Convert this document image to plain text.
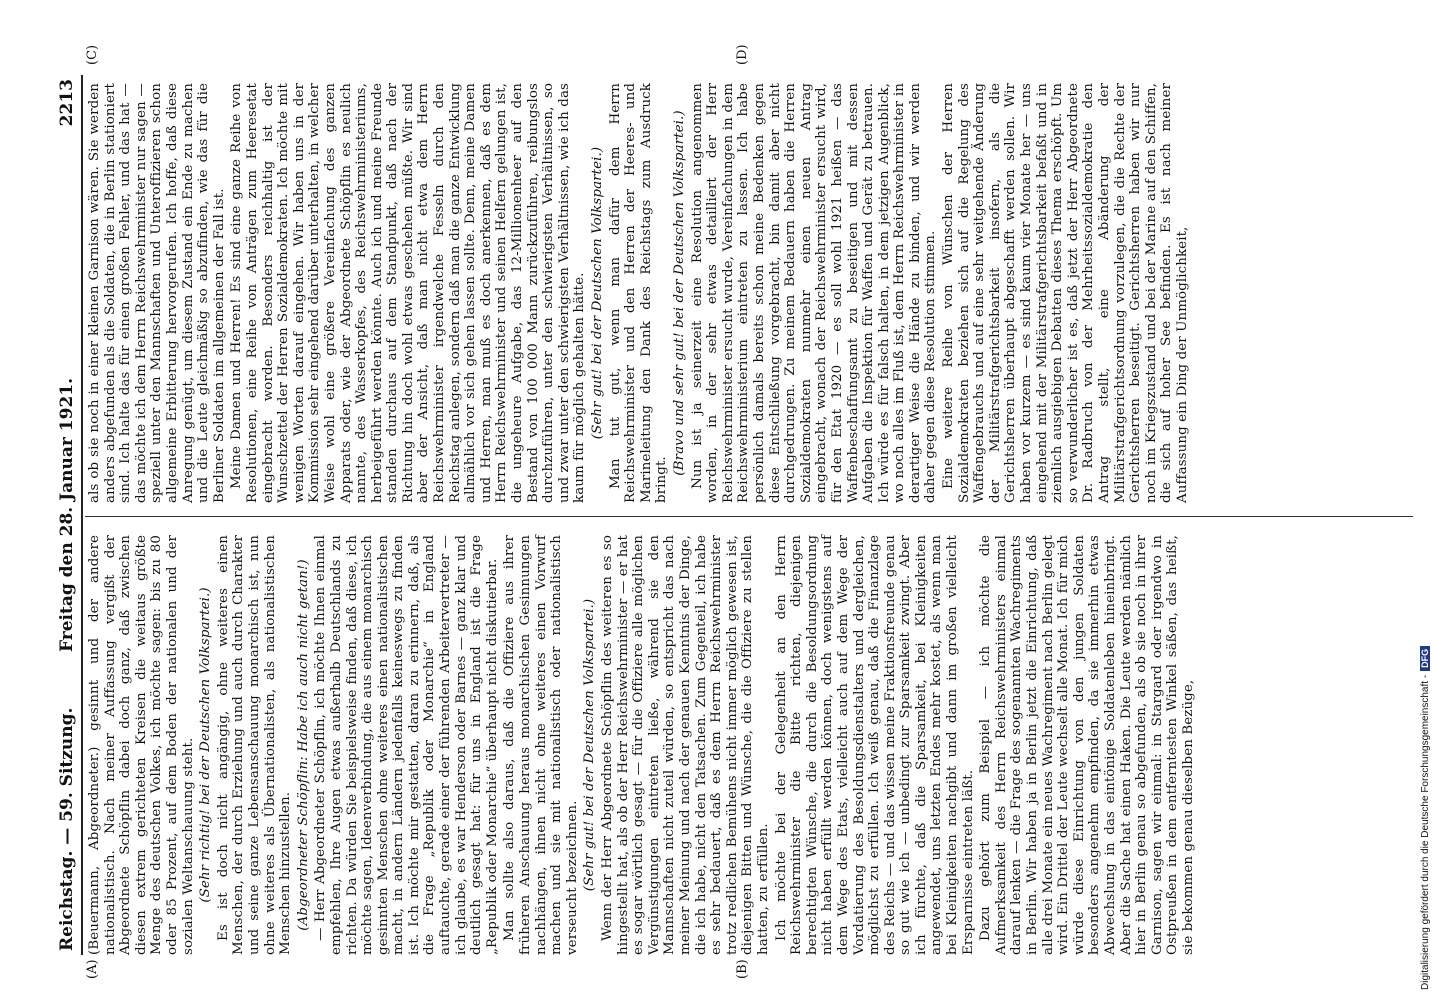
Reichstag. — 59. Sitzung.
Freitag den 28. Januar 1921.
2213
(A)	(B)
(C)	(D)

(Beuermann, Abgeordneter.) gesinnt und der andere nationalistisch. Nach meiner Auffassung vergißt der Abgeordnete Schöpflin dabei doch ganz, daß zwischen diesen extrem gerichteten Kreisen die weitaus größte Menge des deutschen Volkes, ich möchte sagen: bis zu 80 oder 85 Prozent, auf dem Boden der nationalen und der sozialen Weltanschauung steht. (Sehr richtig! bei der Deutschen Volkspartei.) Es ist doch nicht angängig, ohne weiteres einen Menschen, der durch Erziehung und auch durch Charakter und seine ganze Lebensanschauung monarchisch ist, nun ohne weiteres als Übernationalisten, als nationalistischen Menschen hinzustellen. (Abgeordneter Schöpflin: Habe ich auch nicht getan!) — Herr Abgeordneter Schöpflin, ich möchte Ihnen einmal empfehlen, Ihre Augen etwas außerhalb Deutschlands zu richten. Da würden Sie beispielsweise finden, daß diese, ich möchte sagen, Ideenverbindung, die aus einem monarchisch gesinnten Menschen ohne weiteres einen nationalistischen macht, in andern Ländern jedenfalls keineswegs zu finden ist. Ich möchte mir gestatten, daran zu erinnern, daß, als die Frage „Republik oder Monarchie“ in England auftauchte, gerade einer der führenden Arbeitervertreter — ich glaube, es war Henderson oder Barnes — ganz klar und deutlich gesagt hat: für uns in England ist die Frage „Republik oder Monarchie“ überhaupt nicht diskutierbar. Man sollte also daraus, daß die Offiziere aus ihrer früheren Anschauung heraus monarchischen Gesinnungen nachhängen, ihnen nicht ohne weiteres einen Vorwurf machen und sie mit nationalistisch oder nationalistisch verseucht bezeichnen. (Sehr gut! bei der Deutschen Volkspartei.) Wenn der Herr Abgeordnete Schöpflin des weiteren es so hingestellt hat, als ob der Herr Reichswehrminister — er hat es sogar wörtlich gesagt — für die Offiziere alle möglichen Vergünstigungen eintreten ließe, während sie den Mannschaften nicht zuteil würden, so entspricht das nach meiner Meinung und nach der genauen Kenntnis der Dinge, die ich habe, nicht den Tatsachen. Zum Gegenteil, ich habe es sehr bedauert, daß es dem Herrn Reichswehrminister trotz redlichen Bemühens nicht immer möglich gewesen ist, diejenigen Bitten und Wünsche, die die Offiziere zu stellen hatten, zu erfüllen. Ich möchte bei der Gelegenheit an den Herrn Reichswehrminister die Bitte richten, diejenigen berechtigten Wünsche, die durch die Besoldungsordnung nicht haben erfüllt werden können, doch wenigstens auf dem Wege des Etats, vielleicht auch auf dem Wege der Vordatierung des Besoldungsdienstalters und dergleichen, möglichst zu erfüllen. Ich weiß genau, daß die Finanzlage des Reichs — und das wissen meine Fraktionsfreunde genau so gut wie ich — unbedingt zur Sparsamkeit zwingt. Aber ich fürchte, daß die Sparsamkeit, bei Kleinigkeiten angewendet, uns letzten Endes mehr kostet, als wenn man bei Kleinigkeiten nachgibt und dann im großen vielleicht Ersparnisse eintreten läßt. Dazu gehört zum Beispiel — ich möchte die Aufmerksamkeit des Herrn Reichswehrministers einmal darauf lenken — die Frage des sogenannten Wachregiments in Berlin. Wir haben ja in Berlin jetzt die Einrichtung, daß alle drei Monate ein neues Wachregiment nach Berlin gelegt wird. Ein Drittel der Leute wechselt alle Monat. Ich für mich würde diese Einrichtung von den jungen Soldaten besonders angenehm empfinden, da sie immerhin etwas Abwechslung in das eintönige Soldatenleben hineinbringt. Aber die Sache hat einen Haken. Die Leute werden nämlich hier in Berlin genau so abgefunden, als ob sie noch in ihrer Garnison, sagen wir einmal: in Stargard oder irgendwo in Ostpreußen in dem entferntesten Winkel säßen, das heißt, sie bekommen genau dieselben Bezüge,

als ob sie noch in einer kleinen Garnison wären. Sie werden anders abgefunden als die Soldaten, die in Berlin stationiert sind. Ich halte das für einen großen Fehler, und das hat — das möchte ich dem Herrn Reichswehrminister nur sagen — speziell unter den Mannschaften und Unteroffizieren schon allgemeine Erbitterung hervorgerufen. Ich hoffe, daß diese Anregung genügt, um diesem Zustand ein Ende zu machen und die Leute gleichmäßig so abzufinden, wie das für die Berliner Soldaten im allgemeinen der Fall ist. Meine Damen und Herren! Es sind eine ganze Reihe von Resolutionen, eine Reihe von Anträgen zum Heeresetat eingebracht worden. Besonders reichhaltig ist der Wunschzettel der Herren Sozialdemokraten. Ich möchte mit wenigen Worten darauf eingehen. Wir haben uns in der Kommission sehr eingehend darüber unterhalten, in welcher Weise wohl eine größere Vereinfachung des ganzen Apparats oder, wie der Abgeordnete Schöpflin es neulich nannte, des Wasserkopfes, des Reichswehrministeriums, herbeigeführt werden könnte. Auch ich und meine Freunde standen durchaus auf dem Standpunkt, daß nach der Richtung hin doch wohl etwas geschehen müßte. Wir sind aber der Ansicht, daß man nicht etwa dem Herrn Reichswehrminister irgendwelche Fesseln durch den Reichstag anlegen, sondern daß man die ganze Entwicklung allmählich vor sich gehen lassen sollte. Denn, meine Damen und Herren, man muß es doch anerkennen, daß es dem Herrn Reichswehrminister und seinen Helfern gelungen ist, die ungeheure Aufgabe, das 12-Millionenheer auf den Bestand von 100 000 Mann zurückzuführen, reibungslos durchzuführen, unter den schwierigsten Verhältnissen, so und zwar unter den schwierigsten Verhältnissen, wie ich das kaum für möglich gehalten hätte. (Sehr gut! bei der Deutschen Volkspartei.) Man tut gut, wenn man dafür dem Herrn Reichswehrminister und den Herren der Heeres- und Marineleitung den Dank des Reichstags zum Ausdruck bringt.

(Bravo und sehr gut! bei der Deutschen Volkspartei.) Nun ist ja seinerzeit eine Resolution angenommen worden, in der sehr etwas detailliert der Herr Reichswehrminister ersucht wurde, Vereinfachungen in dem Reichswehrministerium eintreten zu lassen. Ich habe persönlich damals bereits schon meine Bedenken gegen diese Entschließung vorgebracht, bin damit aber nicht durchgedrungen. Zu meinem Bedauern haben die Herren Sozialdemokraten nunmehr einen neuen Antrag eingebracht, wonach der Reichswehrminister ersucht wird, für den Etat 1920 — es soll wohl 1921 heißen — das Waffenbeschaffungsamt zu beseitigen und mit dessen Aufgaben die Inspektion für Waffen und Gerät zu betrauen. Ich würde es für falsch halten, in dem jetzigen Augenblick, wo noch alles im Fluß ist, dem Herrn Reichswehrminister in derartiger Weise die Hände zu binden, und wir werden daher gegen diese Resolution stimmen. Eine weitere Reihe von Wünschen der Herren Sozialdemokraten beziehen sich auf die Regelung des Waffengebrauchs und auf eine sehr weitgehende Änderung der Militärstrafgerichtsbarkeit insofern, als die Gerichtsherren überhaupt abgeschafft werden sollen. Wir haben vor kurzem — es sind kaum vier Monate her — uns eingehend mit der Militärstrafgerichtsbarkeit befaßt und in ziemlich ausgiebigen Debatten dieses Thema erschöpft. Um so verwunderlicher ist es, daß jetzt der Herr Abgeordnete Dr. Radbruch von der Mehrheitssozialdemokratie den Antrag stellt, eine Abänderung der Militärstrafgerichtsordnung vorzulegen, die die Rechte der Gerichtsherren beseitigt. Gerichtsherren haben wir nur noch im Kriegszustand und bei der Marine auf den Schiffen, die sich auf hoher See befinden. Es ist nach meiner Auffassung ein Ding der Unmöglichkeit,

Digitalisierung gefördert durch die Deutsche Forschungsgemeinschaft -DFG
